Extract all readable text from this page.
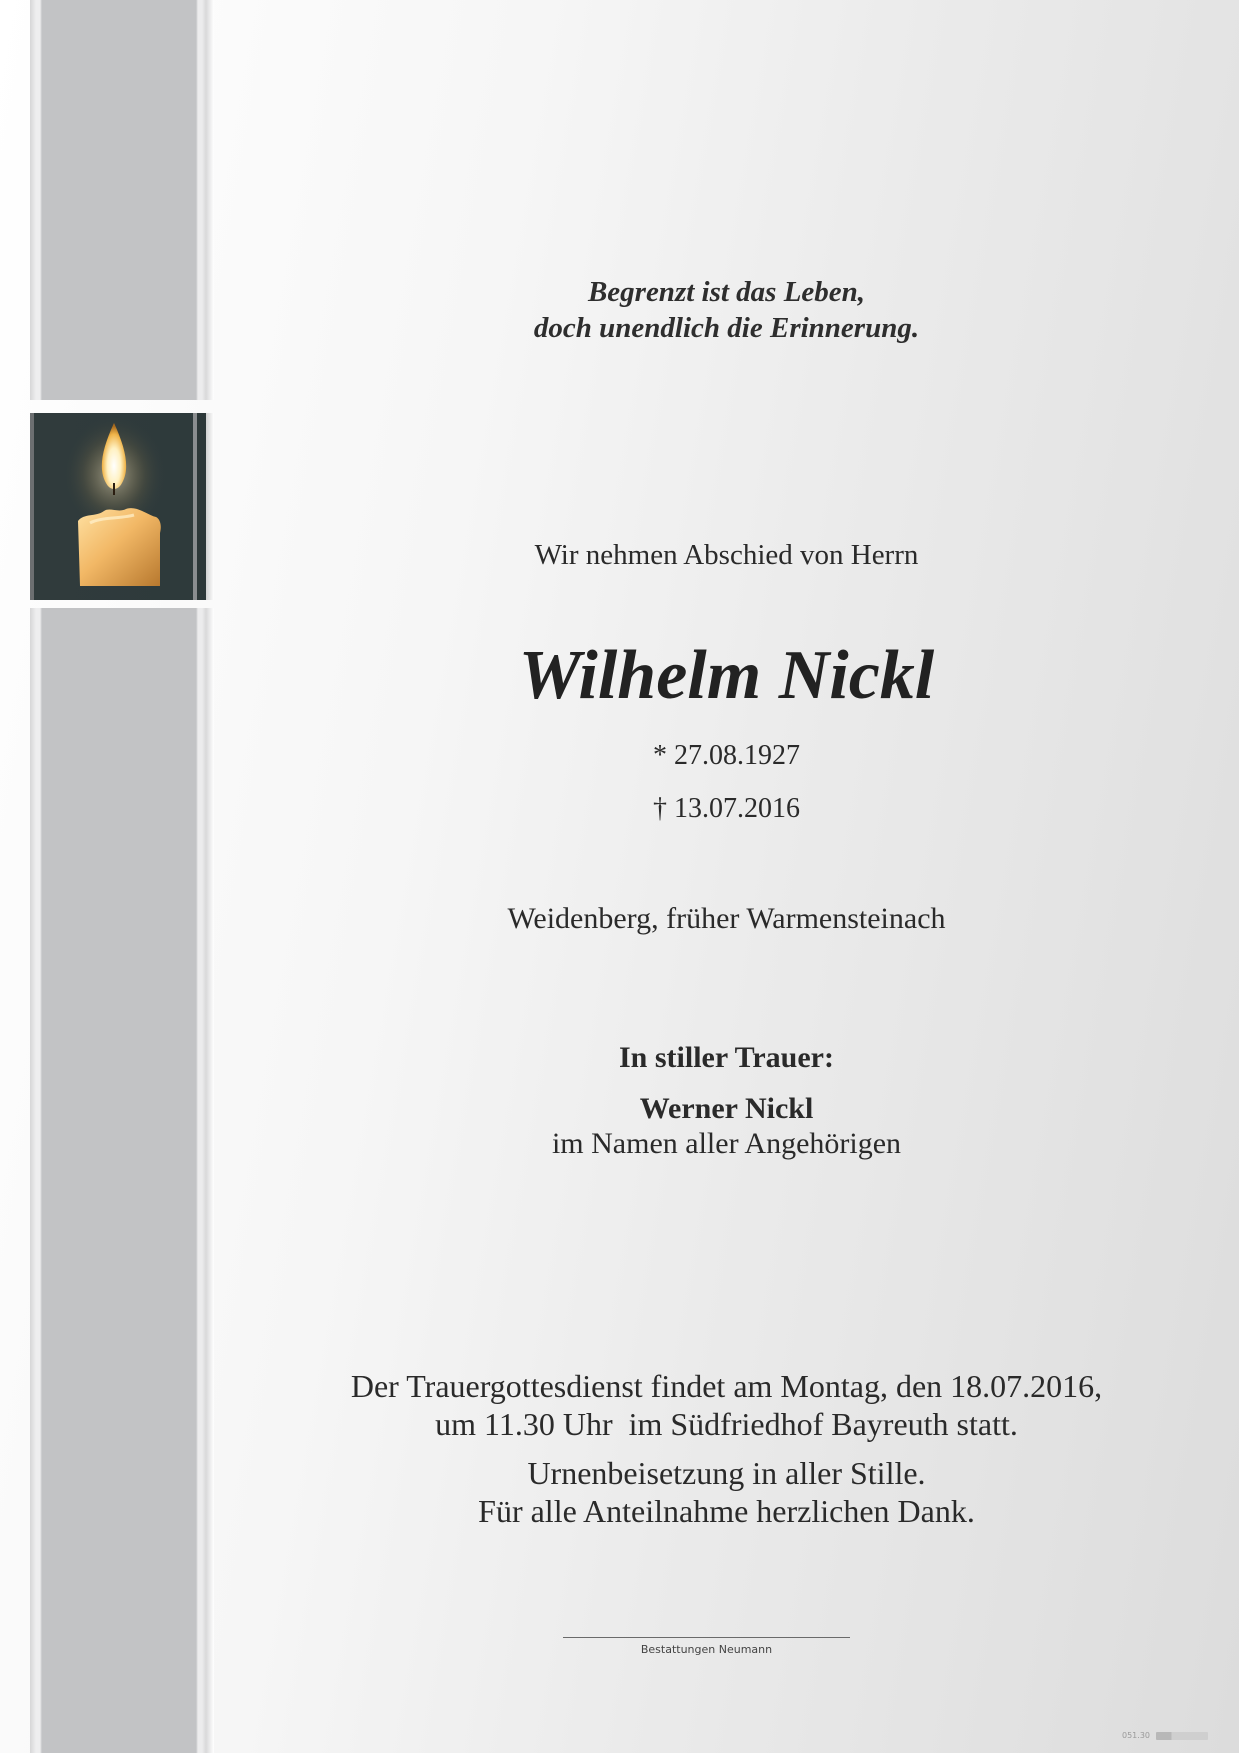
Begrenzt ist das Leben,
doch unendlich die Erinnerung.
Wir nehmen Abschied von Herrn
Wilhelm Nickl
* 27.08.1927
† 13.07.2016
Weidenberg, früher Warmensteinach
In stiller Trauer:
Werner Nickl
im Namen aller Angehörigen
Der Trauergottesdienst findet am Montag, den 18.07.2016,
um 11.30 Uhr  im Südfriedhof Bayreuth statt.
Urnenbeisetzung in aller Stille.
Für alle Anteilnahme herzlichen Dank.
Bestattungen Neumann
051.30
